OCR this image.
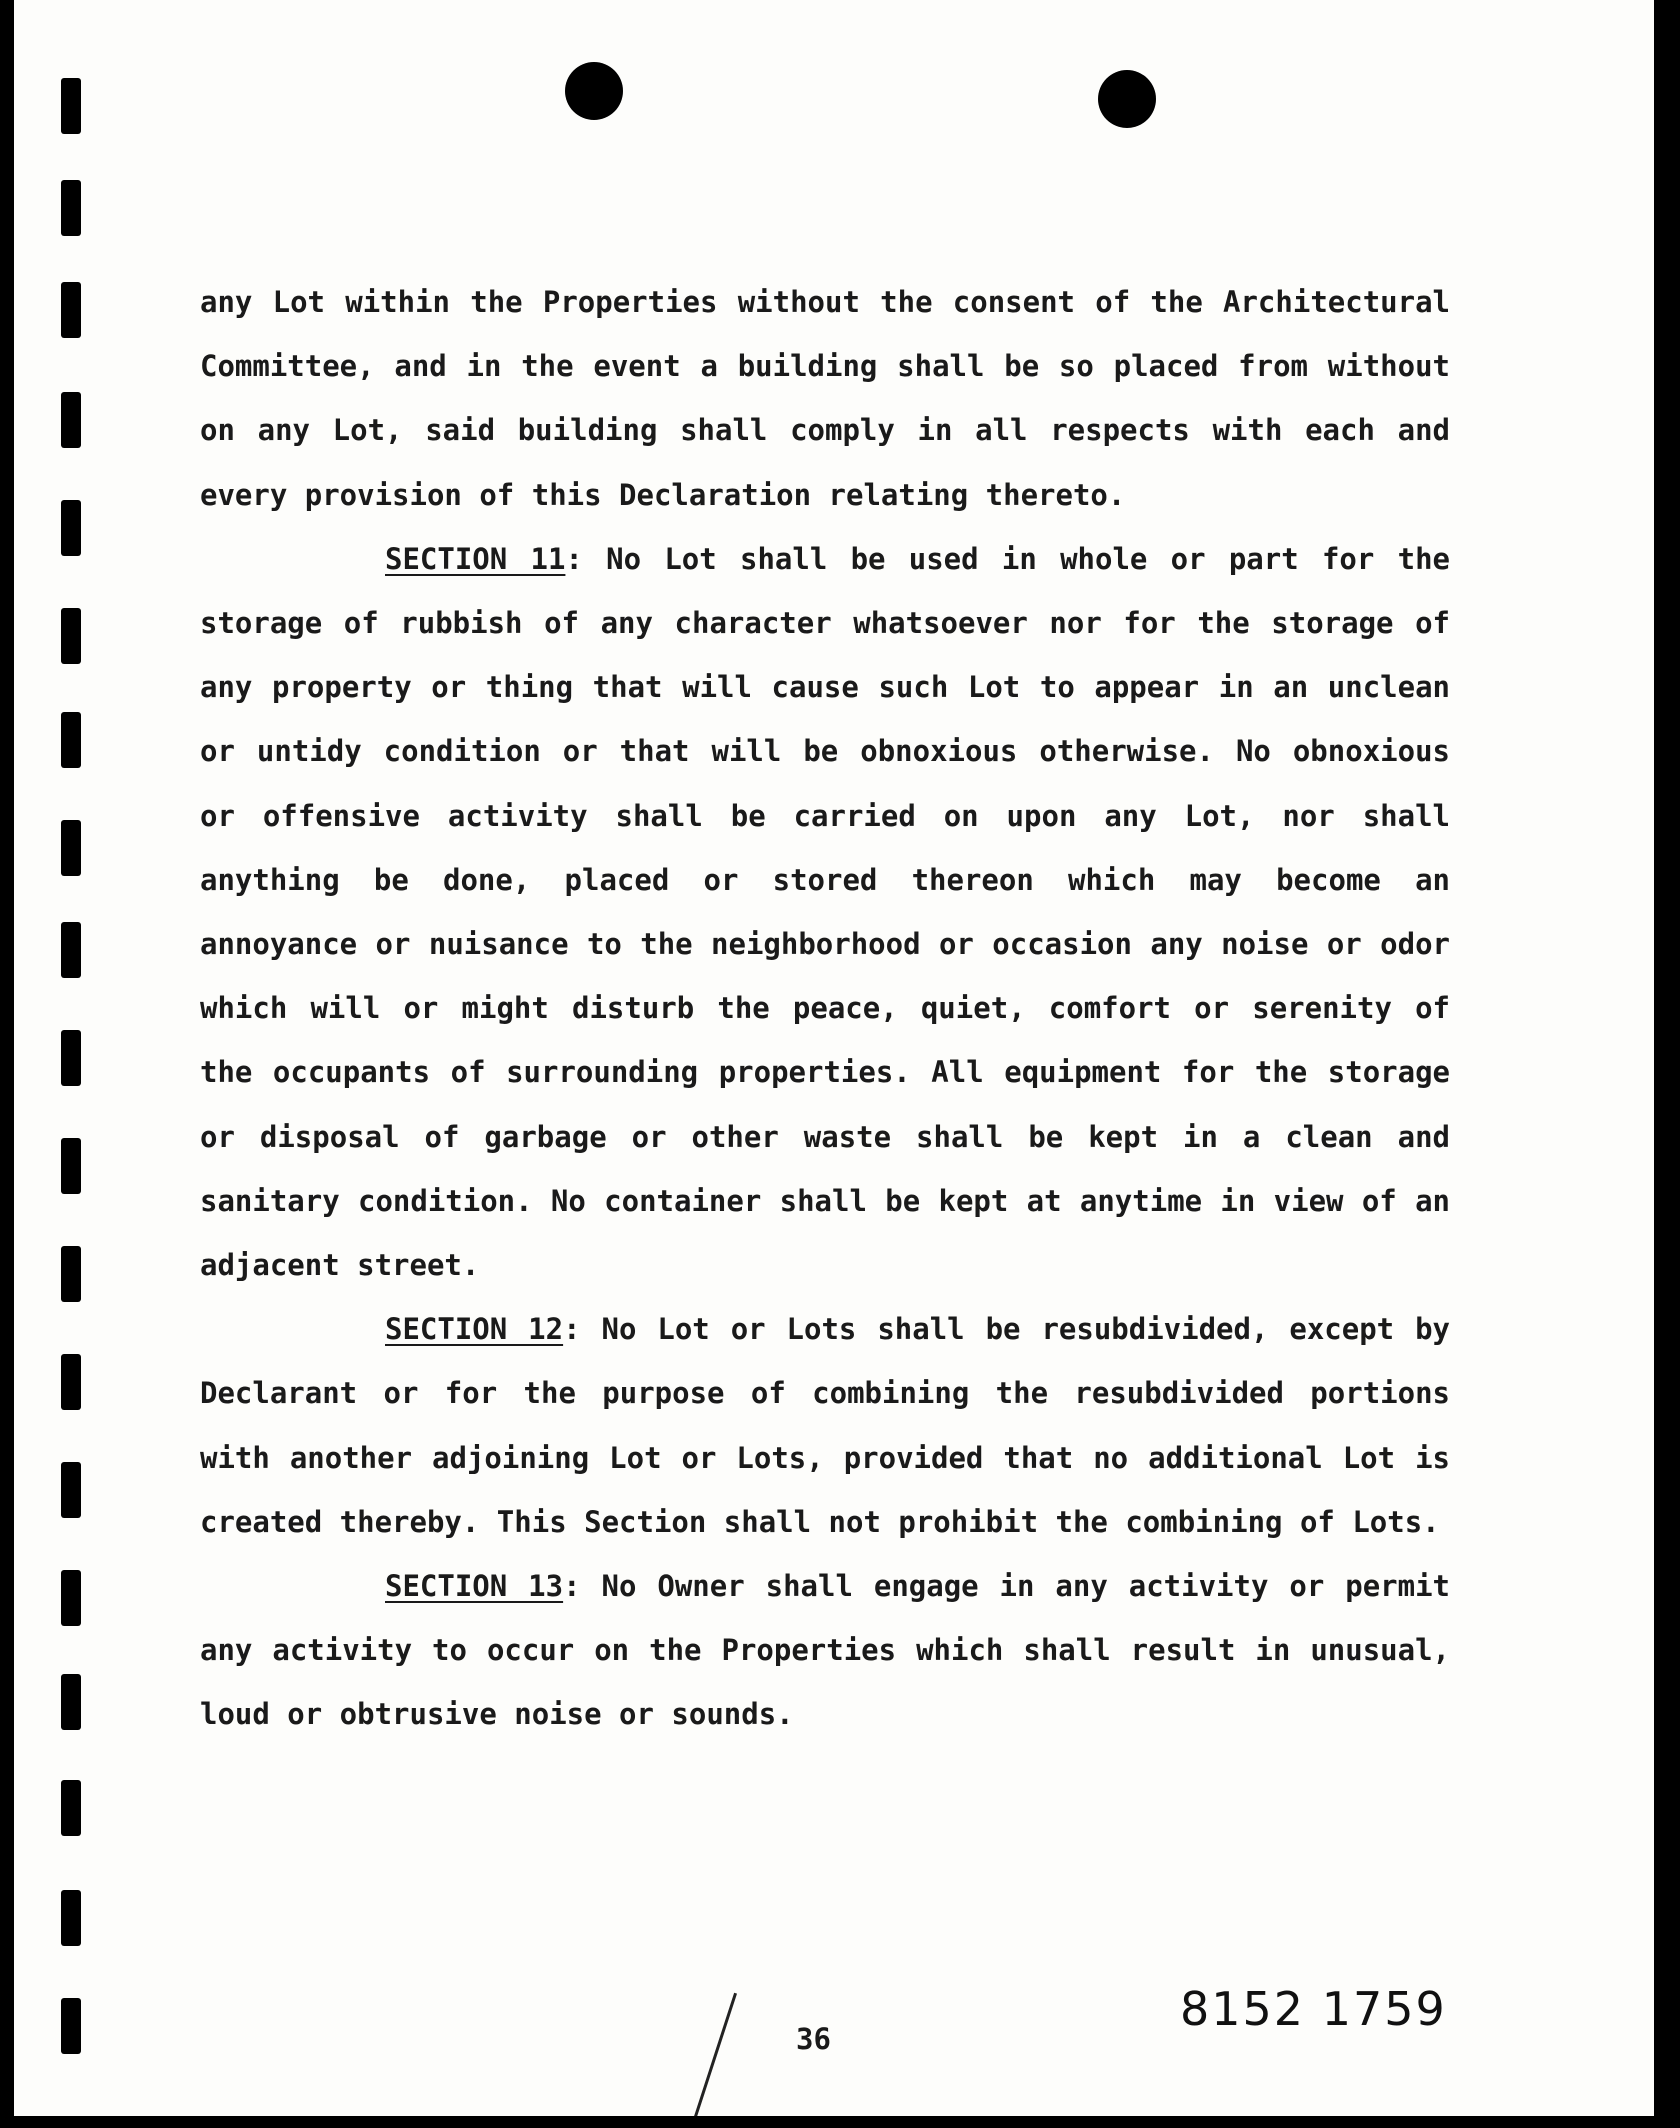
any Lot within the Properties without the consent of the Architectural Committee, and in the event a building shall be so placed from without on any Lot, said building shall comply in all respects with each and every provision of this Declaration relating thereto.

SECTION 11: No Lot shall be used in whole or part for the storage of rubbish of any character whatsoever nor for the storage of any property or thing that will cause such Lot to appear in an unclean or untidy condition or that will be obnoxious otherwise. No obnoxious or offensive activity shall be carried on upon any Lot, nor shall anything be done, placed or stored thereon which may become an annoyance or nuisance to the neighborhood or occasion any noise or odor which will or might disturb the peace, quiet, comfort or serenity of the occupants of surrounding properties. All equipment for the storage or disposal of garbage or other waste shall be kept in a clean and sanitary condition. No container shall be kept at anytime in view of an adjacent street.

SECTION 12: No Lot or Lots shall be resubdivided, except by Declarant or for the purpose of combining the resubdivided portions with another adjoining Lot or Lots, provided that no additional Lot is created thereby. This Section shall not prohibit the combining of Lots.

SECTION 13: No Owner shall engage in any activity or permit any activity to occur on the Properties which shall result in unusual, loud or obtrusive noise or sounds.

36
8152 1759
